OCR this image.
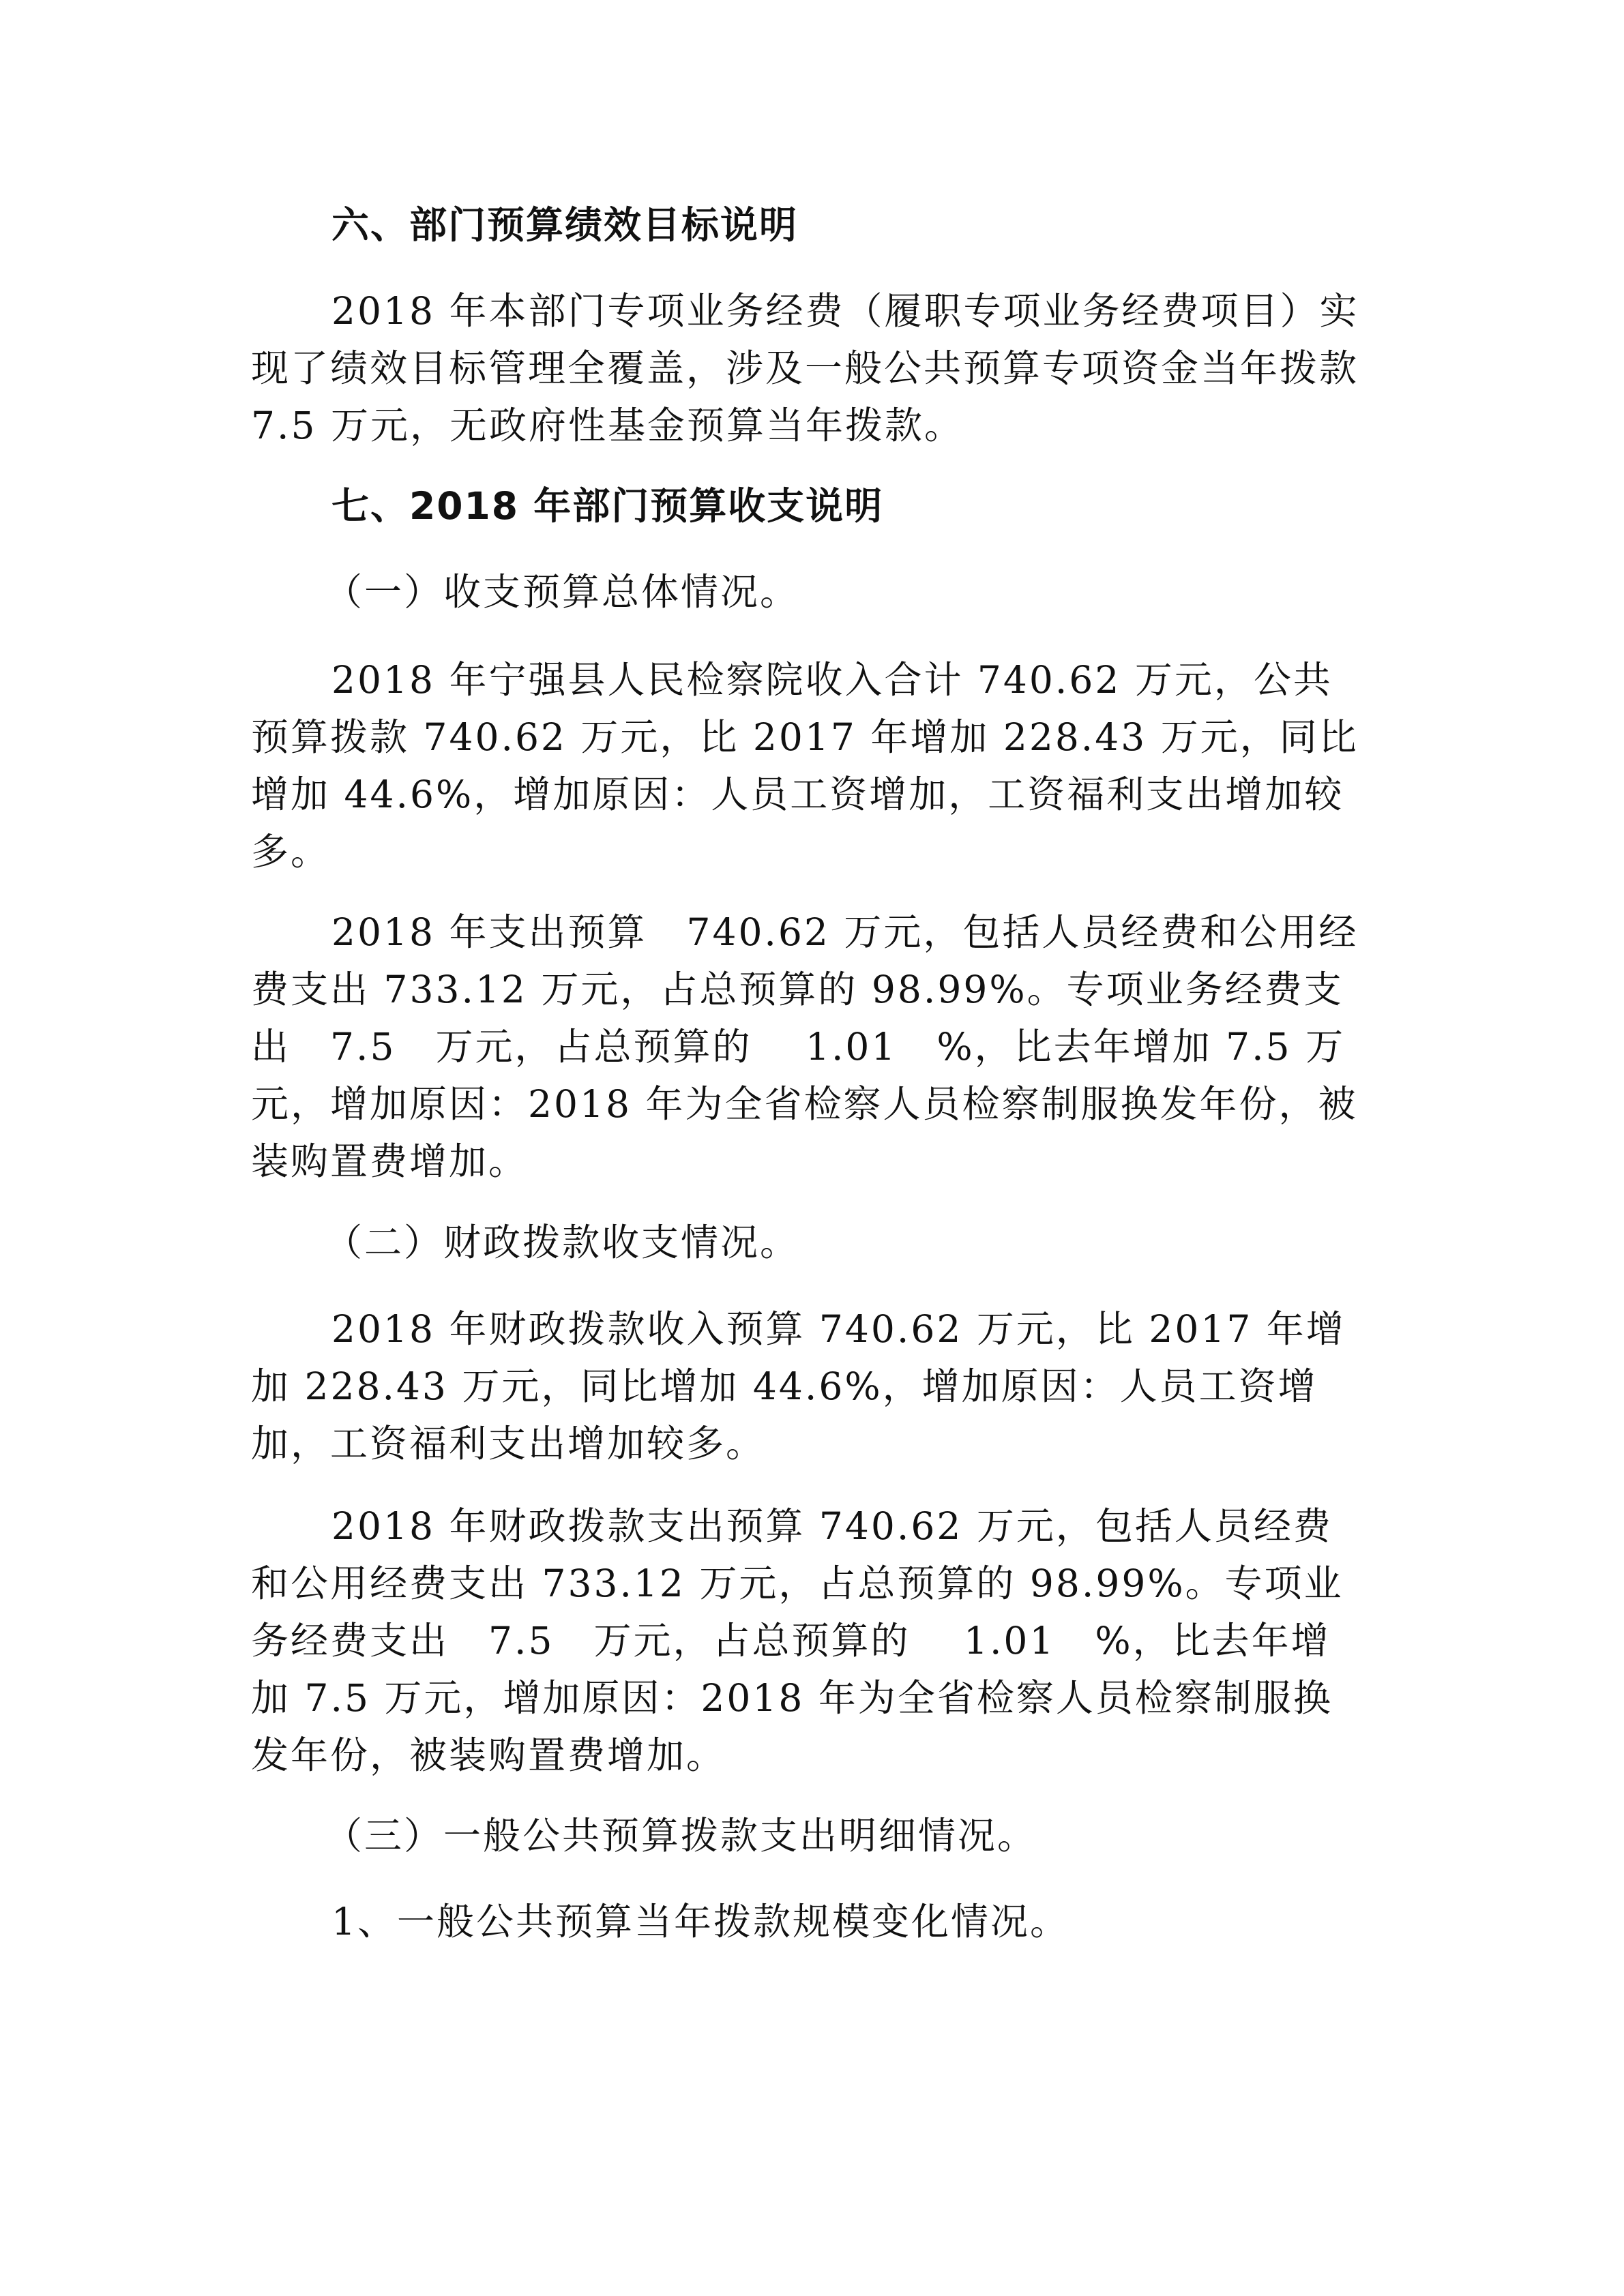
六、部门预算绩效目标说明

2018 年本部门专项业务经费（履职专项业务经费项目）实现了绩效目标管理全覆盖，涉及一般公共预算专项资金当年拨款 7.5 万元，无政府性基金预算当年拨款。

七、2018 年部门预算收支说明

（一）收支预算总体情况。

2018 年宁强县人民检察院收入合计 740.62 万元，公共预算拨款 740.62 万元，比 2017 年增加 228.43 万元，同比增加 44.6%，增加原因：人员工资增加，工资福利支出增加较多。

2018 年支出预算　740.62 万元，包括人员经费和公用经费支出 733.12 万元，占总预算的 98.99%。专项业务经费支出　7.5　万元，占总预算的　 1.01　%，比去年增加 7.5 万元，增加原因：2018 年为全省检察人员检察制服换发年份，被装购置费增加。

（二）财政拨款收支情况。

2018 年财政拨款收入预算 740.62 万元，比 2017 年增加 228.43 万元，同比增加 44.6%，增加原因：人员工资增加，工资福利支出增加较多。

2018 年财政拨款支出预算 740.62 万元，包括人员经费和公用经费支出 733.12 万元，占总预算的 98.99%。专项业务经费支出　7.5　万元，占总预算的　 1.01　%，比去年增加 7.5 万元，增加原因：2018 年为全省检察人员检察制服换发年份，被装购置费增加。

（三）一般公共预算拨款支出明细情况。

1、一般公共预算当年拨款规模变化情况。
